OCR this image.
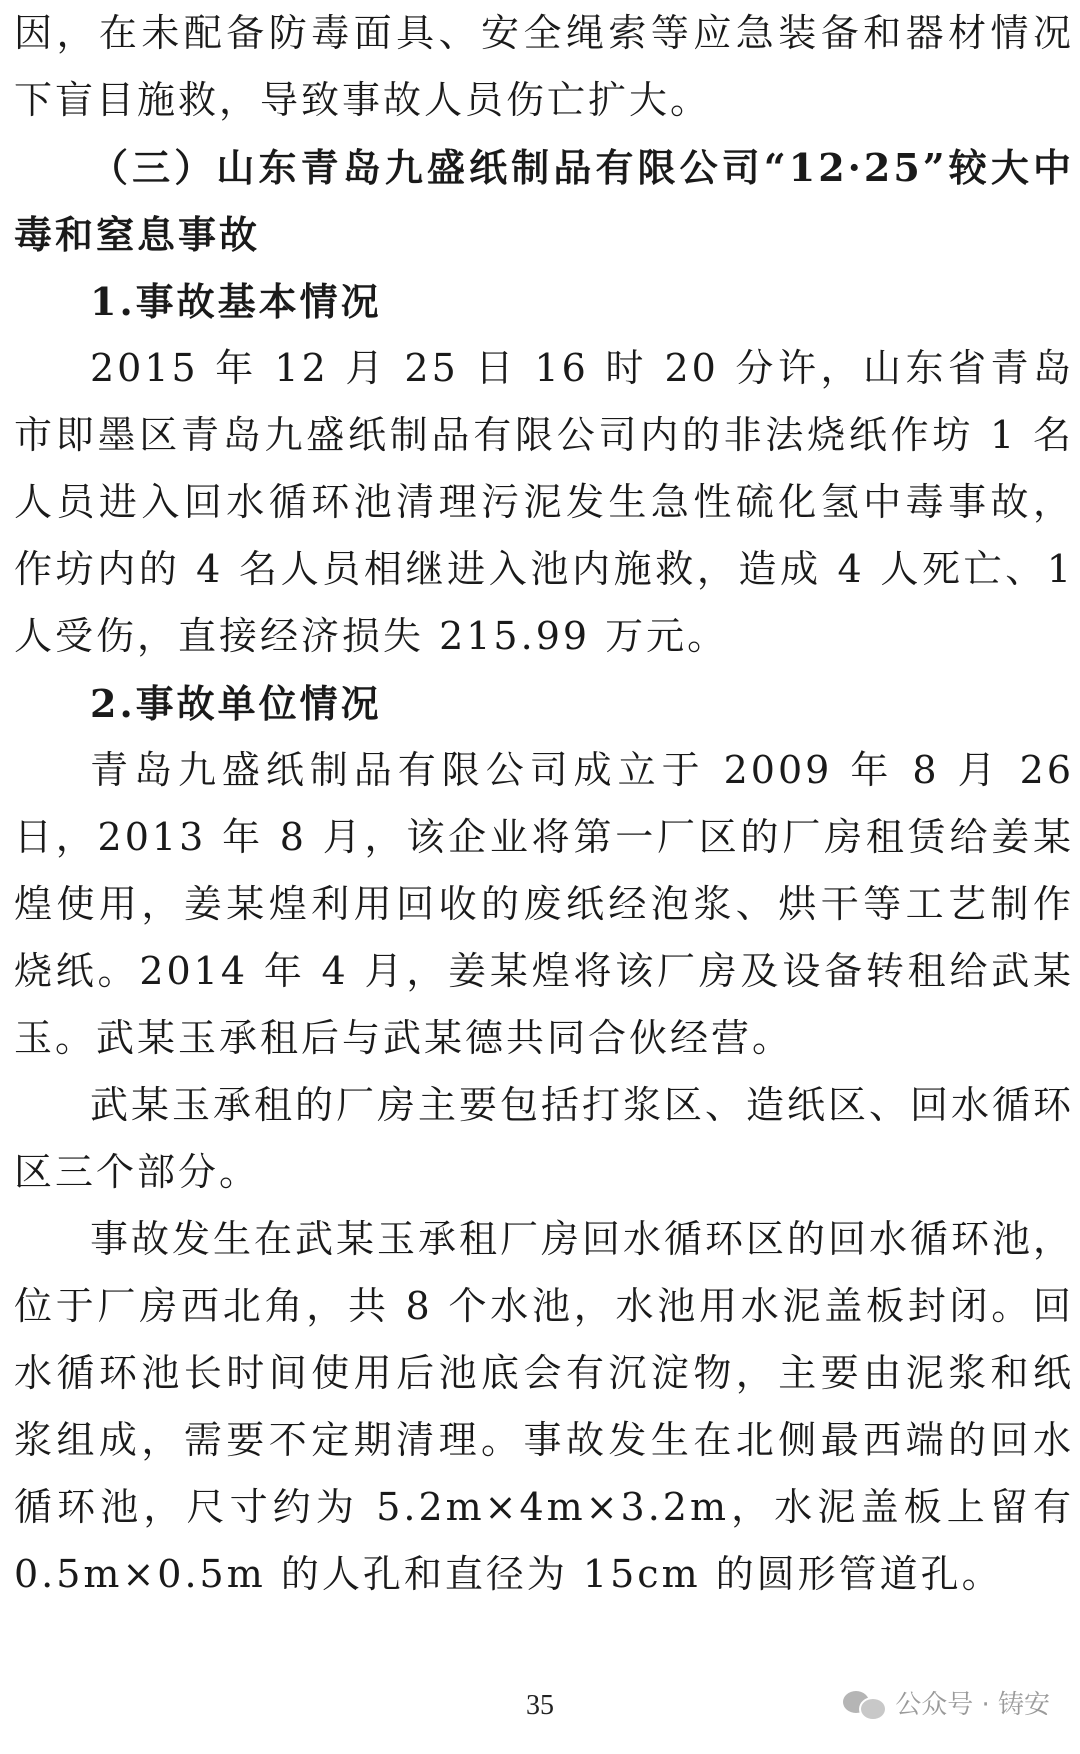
因，在未配备防毒面具、安全绳索等应急装备和器材情况下盲目施救，导致事故人员伤亡扩大。

（三）山东青岛九盛纸制品有限公司“12·25”较大中毒和窒息事故

1.事故基本情况

2015 年 12 月 25 日 16 时 20 分许，山东省青岛市即墨区青岛九盛纸制品有限公司内的非法烧纸作坊 1 名人员进入回水循环池清理污泥发生急性硫化氢中毒事故，作坊内的 4 名人员相继进入池内施救，造成 4 人死亡、1 人受伤，直接经济损失 215.99 万元。

2.事故单位情况

青岛九盛纸制品有限公司成立于 2009 年 8 月 26 日，2013 年 8 月，该企业将第一厂区的厂房租赁给姜某煌使用，姜某煌利用回收的废纸经泡浆、烘干等工艺制作烧纸。2014 年 4 月，姜某煌将该厂房及设备转租给武某玉。武某玉承租后与武某德共同合伙经营。

武某玉承租的厂房主要包括打浆区、造纸区、回水循环区三个部分。

事故发生在武某玉承租厂房回水循环区的回水循环池，位于厂房西北角，共 8 个水池，水池用水泥盖板封闭。回水循环池长时间使用后池底会有沉淀物，主要由泥浆和纸浆组成，需要不定期清理。事故发生在北侧最西端的回水循环池，尺寸约为 5.2m×4m×3.2m，水泥盖板上留有 0.5m×0.5m 的人孔和直径为 15cm 的圆形管道孔。

35	公众号 · 铸安
